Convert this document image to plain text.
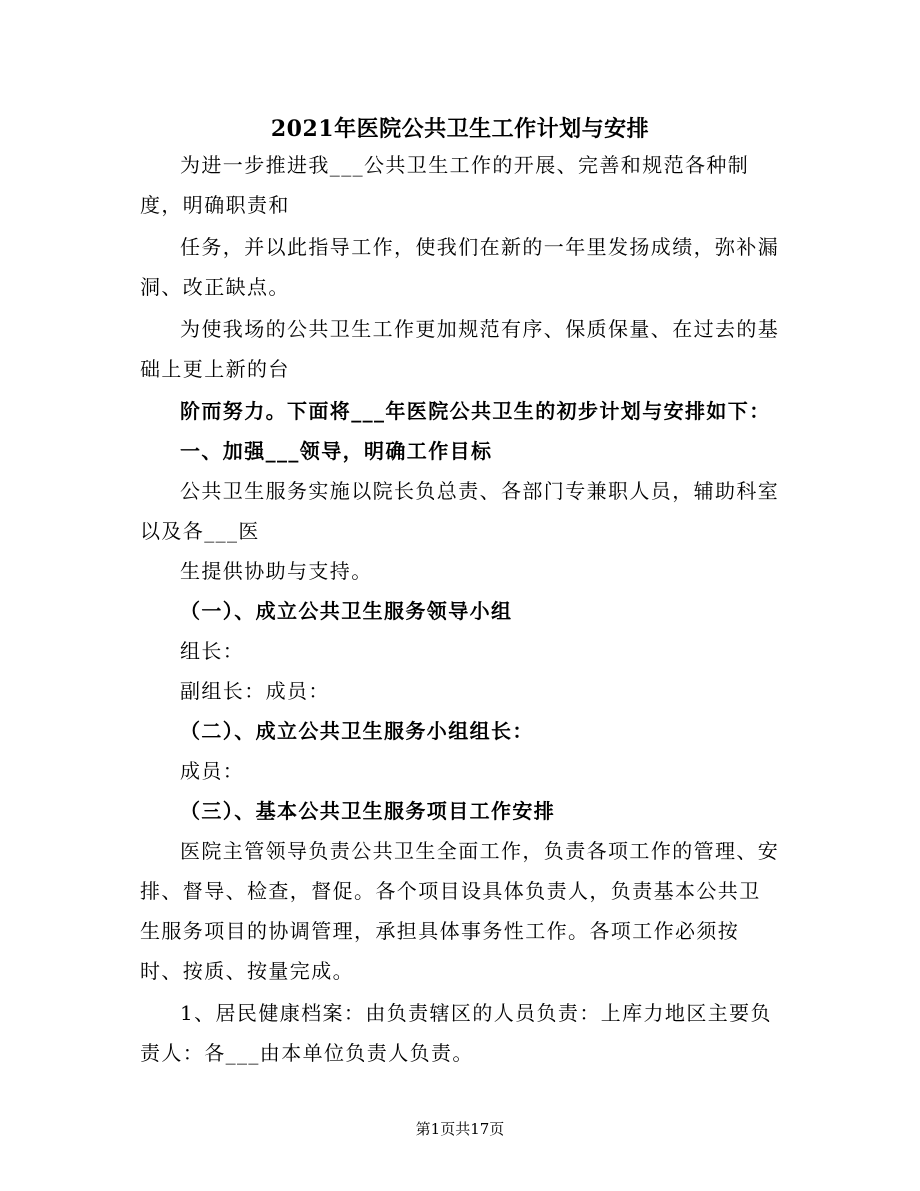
2021年医院公共卫生工作计划与安排

为进一步推进我___公共卫生工作的开展、完善和规范各种制度，明确职责和

任务，并以此指导工作，使我们在新的一年里发扬成绩，弥补漏洞、改正缺点。

为使我场的公共卫生工作更加规范有序、保质保量、在过去的基础上更上新的台

阶而努力。下面将___年医院公共卫生的初步计划与安排如下：

一、加强___领导，明确工作目标

公共卫生服务实施以院长负总责、各部门专兼职人员，辅助科室以及各___医

生提供协助与支持。

（一）、成立公共卫生服务领导小组

组长：

副组长：成员：

（二）、成立公共卫生服务小组组长：

成员：

（三）、基本公共卫生服务项目工作安排

医院主管领导负责公共卫生全面工作，负责各项工作的管理、安排、督导、检查，督促。各个项目设具体负责人，负责基本公共卫生服务项目的协调管理，承担具体事务性工作。各项工作必须按时、按质、按量完成。

1、居民健康档案：由负责辖区的人员负责：上库力地区主要负责人：各___由本单位负责人负责。

第1页共17页
